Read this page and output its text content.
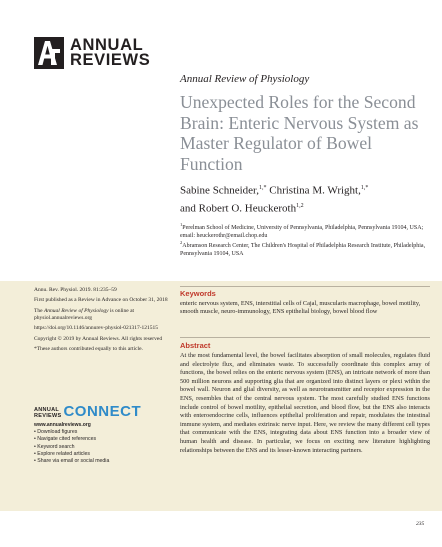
ANNUAL
REVIEWS
Annual Review of Physiology
Unexpected Roles for the Second Brain: Enteric Nervous System as Master Regulator of Bowel Function
Sabine Schneider,$^{1,*}$ Christina M. Wright,$^{1,*}$
and Robert O. Heuckeroth$^{1,2}$
$^1$Perelman School of Medicine, University of Pennsylvania, Philadelphia, Pennsylvania 19104, USA; email: heuckerothr@email.chop.edu
$^2$Abramson Research Center, The Children's Hospital of Philadelphia Research Institute, Philadelphia, Pennsylvania 19104, USA

Annu. Rev. Physiol. 2019. 81:235–59

First published as a Review in Advance on October 31, 2018

The Annual Review of Physiology is online at physiol.annualreviews.org

https://doi.org/10.1146/annurev-physiol-021317-121515

Copyright © 2019 by Annual Reviews. All rights reserved

*These authors contributed equally to this article.

ANNUAL
REVIEWS CONNECT
www.annualreviews.org
• Download figures
• Navigate cited references
• Keyword search
• Explore related articles
• Share via email or social media
Keywords
enteric nervous system, ENS, interstitial cells of Cajal, muscularis macrophage, bowel motility, smooth muscle, neuro-immunology, ENS epithelial biology, bowel blood flow
Abstract
At the most fundamental level, the bowel facilitates absorption of small molecules, regulates fluid and electrolyte flux, and eliminates waste. To successfully coordinate this complex array of functions, the bowel relies on the enteric nervous system (ENS), an intricate network of more than 500 million neurons and supporting glia that are organized into distinct layers or plexi within the bowel wall. Neuron and glial diversity, as well as neurotransmitter and receptor expression in the ENS, resembles that of the central nervous system. The most carefully studied ENS functions include control of bowel motility, epithelial secretion, and blood flow, but the ENS also interacts with enteroendocrine cells, influences epithelial proliferation and repair, modulates the intestinal immune system, and mediates extrinsic nerve input. Here, we review the many different cell types that communicate with the ENS, integrating data about ENS function into a broader view of human health and disease. In particular, we focus on exciting new literature highlighting relationships between the ENS and its lesser-known interacting partners.
235
